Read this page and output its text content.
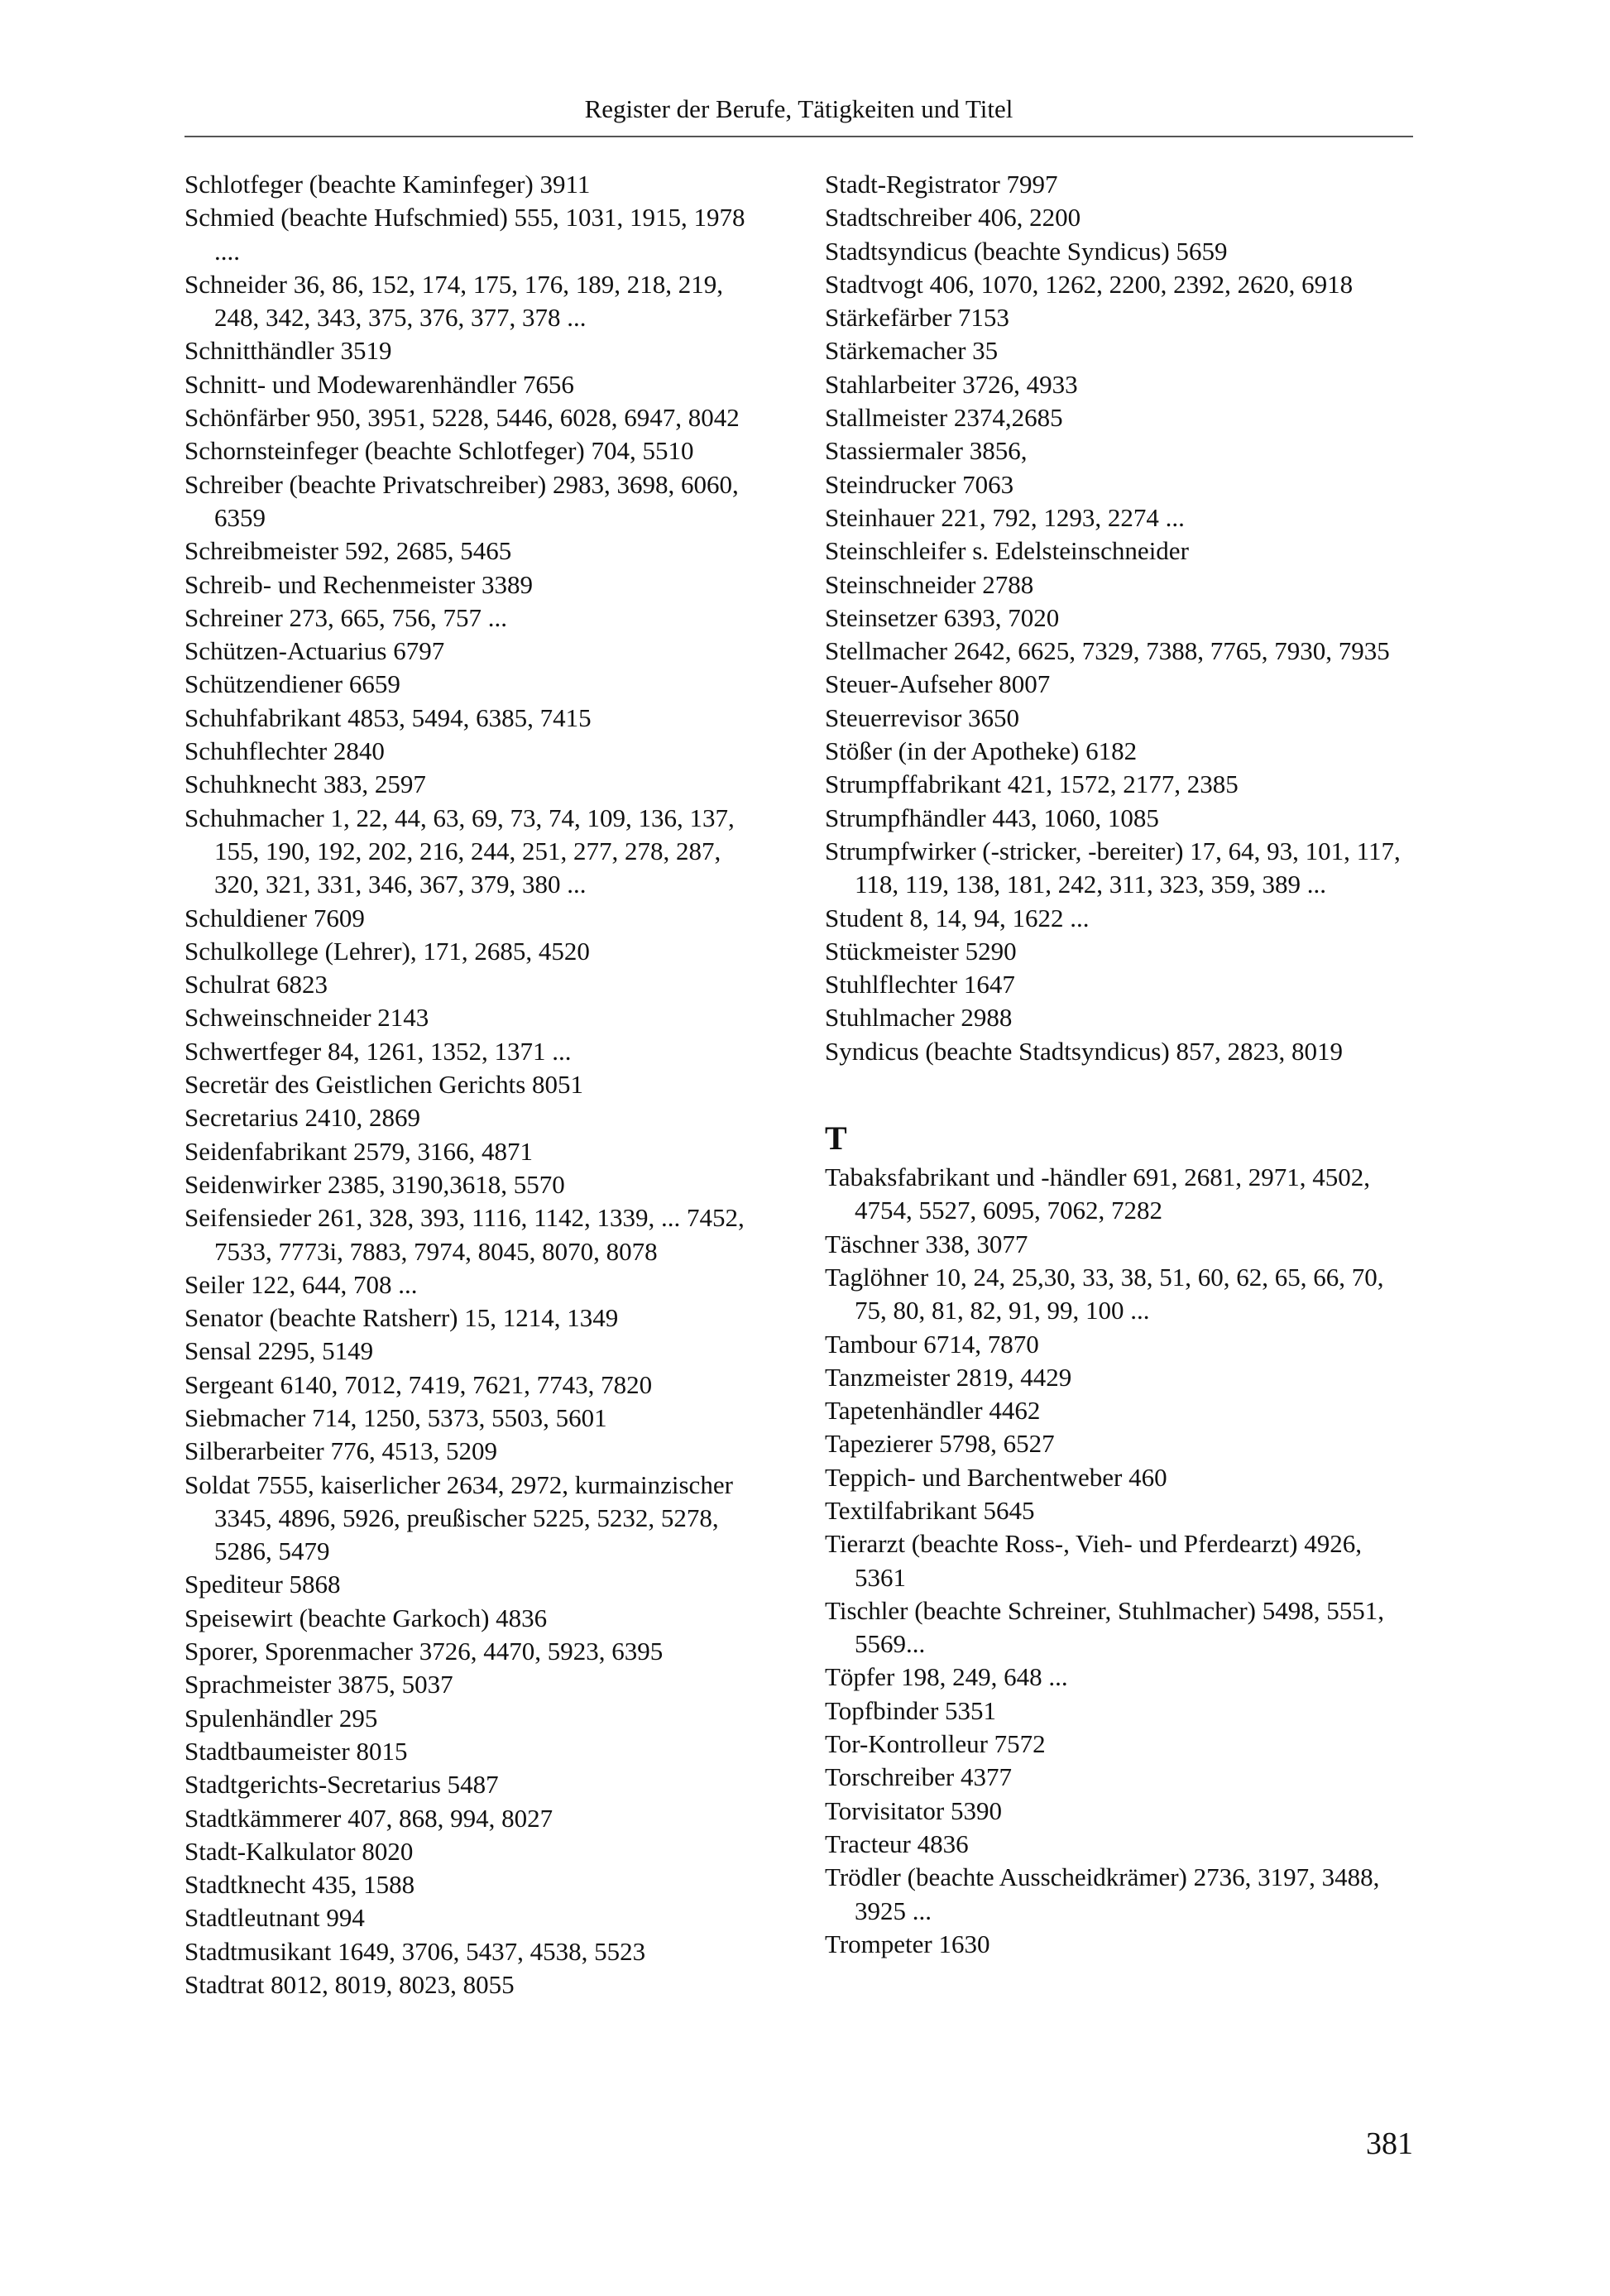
Register der Berufe, Tätigkeiten und Titel

Schlotfeger (beachte Kaminfeger) 3911

Schmied (beachte Hufschmied) 555, 1031, 1915, 1978 ....

Schneider 36, 86, 152, 174, 175, 176, 189, 218, 219, 248, 342, 343, 375, 376, 377, 378 ...

Schnitthändler 3519

Schnitt- und Modewarenhändler 7656

Schönfärber 950, 3951, 5228, 5446, 6028, 6947, 8042

Schornsteinfeger (beachte Schlotfeger) 704, 5510

Schreiber (beachte Privatschreiber) 2983, 3698, 6060, 6359

Schreibmeister 592, 2685, 5465

Schreib- und Rechenmeister 3389

Schreiner 273, 665, 756, 757 ...

Schützen-Actuarius 6797

Schützendiener 6659

Schuhfabrikant 4853, 5494, 6385, 7415

Schuhflechter 2840

Schuhknecht 383, 2597

Schuhmacher 1, 22, 44, 63, 69, 73, 74, 109, 136, 137, 155, 190, 192, 202, 216, 244, 251, 277, 278, 287, 320, 321, 331, 346, 367, 379, 380 ...

Schuldiener 7609

Schulkollege (Lehrer), 171, 2685, 4520

Schulrat 6823

Schweinschneider 2143

Schwertfeger 84, 1261, 1352, 1371 ...

Secretär des Geistlichen Gerichts 8051

Secretarius 2410, 2869

Seidenfabrikant 2579, 3166, 4871

Seidenwirker 2385, 3190,3618, 5570

Seifensieder 261, 328, 393, 1116, 1142, 1339, ... 7452, 7533, 7773i, 7883, 7974, 8045, 8070, 8078

Seiler 122, 644, 708 ...

Senator (beachte Ratsherr) 15, 1214, 1349

Sensal 2295, 5149

Sergeant 6140, 7012, 7419, 7621, 7743, 7820

Siebmacher 714, 1250, 5373, 5503, 5601

Silberarbeiter 776, 4513, 5209

Soldat 7555, kaiserlicher 2634, 2972, kurmainzischer 3345, 4896, 5926, preußischer 5225, 5232, 5278, 5286, 5479

Spediteur 5868

Speisewirt (beachte Garkoch) 4836

Sporer, Sporenmacher 3726, 4470, 5923, 6395

Sprachmeister 3875, 5037

Spulenhändler 295

Stadtbaumeister 8015

Stadtgerichts-Secretarius 5487

Stadtkämmerer 407, 868, 994, 8027

Stadt-Kalkulator 8020

Stadtknecht 435, 1588

Stadtleutnant 994

Stadtmusikant 1649, 3706, 5437, 4538, 5523

Stadtrat 8012, 8019, 8023, 8055

Stadt-Registrator 7997

Stadtschreiber 406, 2200

Stadtsyndicus (beachte Syndicus) 5659

Stadtvogt 406, 1070, 1262, 2200, 2392, 2620, 6918

Stärkefärber 7153

Stärkemacher 35

Stahlarbeiter 3726, 4933

Stallmeister 2374,2685

Stassiermaler 3856,

Steindrucker 7063

Steinhauer 221, 792, 1293, 2274 ...

Steinschleifer s. Edelsteinschneider

Steinschneider 2788

Steinsetzer 6393, 7020

Stellmacher 2642, 6625, 7329, 7388, 7765, 7930, 7935

Steuer-Aufseher 8007

Steuerrevisor 3650

Stößer (in der Apotheke) 6182

Strumpffabrikant 421, 1572, 2177, 2385

Strumpfhändler 443, 1060, 1085

Strumpfwirker (-stricker, -bereiter) 17, 64, 93, 101, 117, 118, 119, 138, 181, 242, 311, 323, 359, 389 ...

Student 8, 14, 94, 1622 ...

Stückmeister 5290

Stuhlflechter 1647

Stuhlmacher 2988

Syndicus (beachte Stadtsyndicus) 857, 2823, 8019

T

Tabaksfabrikant und -händler 691, 2681, 2971, 4502, 4754, 5527, 6095, 7062, 7282

Täschner 338, 3077

Taglöhner 10, 24, 25,30, 33, 38, 51, 60, 62, 65, 66, 70, 75, 80, 81, 82, 91, 99, 100 ...

Tambour 6714, 7870

Tanzmeister 2819, 4429

Tapetenhändler 4462

Tapezierer 5798, 6527

Teppich- und Barchentweber 460

Textilfabrikant 5645

Tierarzt (beachte Ross-, Vieh- und Pferdearzt) 4926, 5361

Tischler (beachte Schreiner, Stuhlmacher) 5498, 5551, 5569...

Töpfer 198, 249, 648 ...

Topfbinder 5351

Tor-Kontrolleur 7572

Torschreiber 4377

Torvisitator 5390

Tracteur 4836

Trödler (beachte Ausscheidkrämer) 2736, 3197, 3488, 3925 ...

Trompeter 1630

381
